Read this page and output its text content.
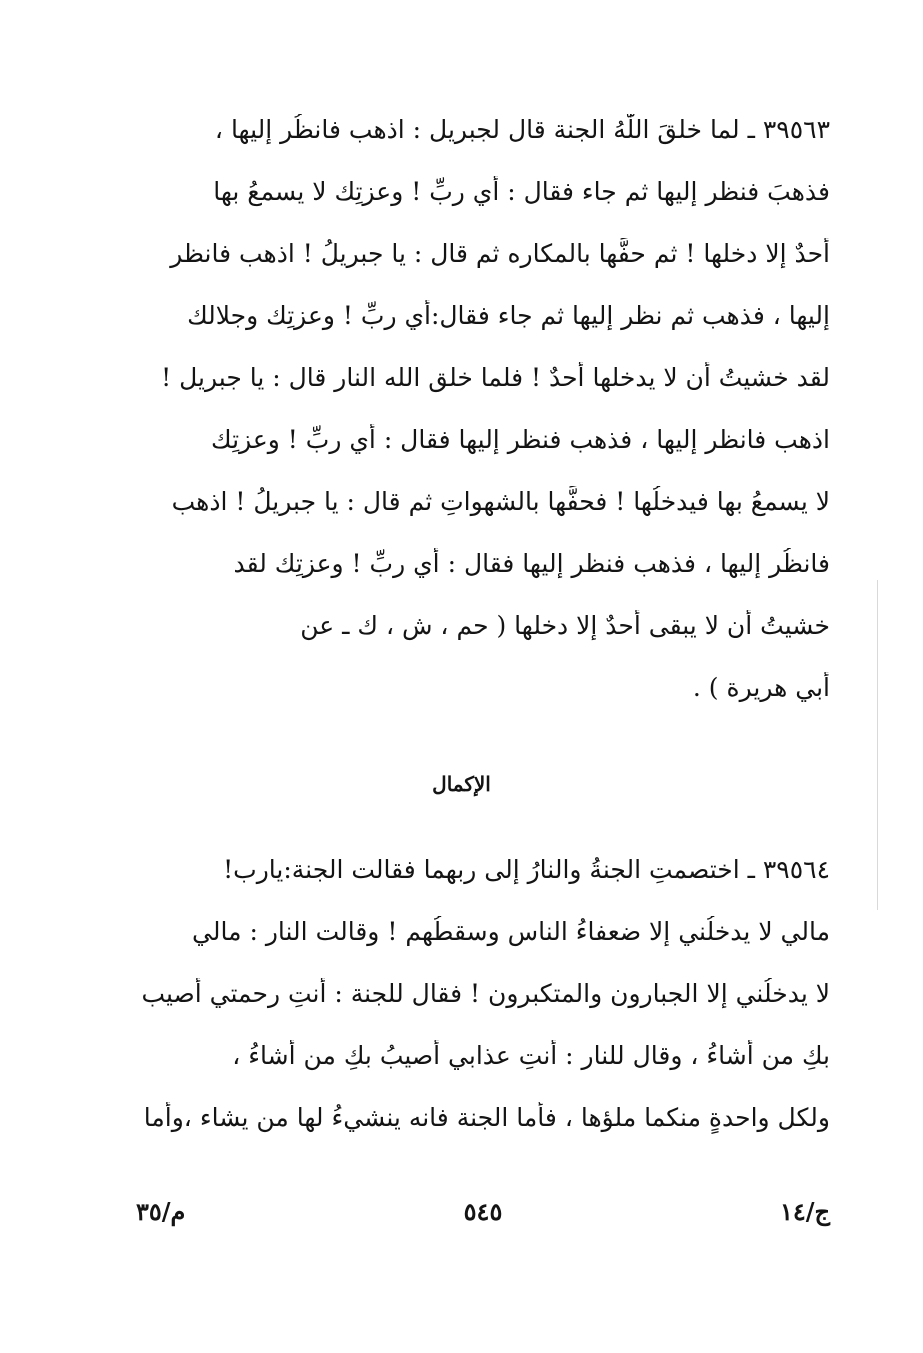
٣٩٥٦٣ ـ لما خلقَ اللّٰهُ الجنة قال لجبريل : اذهب فانظُر إليها ،
فذهبَ فنظر إليها ثم جاء فقال : أي ربِّ ! وعزتِك لا يسمعُ بها
أحدٌ إلا دخلها ! ثم حفَّها بالمكاره ثم قال : يا جبريلُ ! اذهب فانظر
إليها ، فذهب ثم نظر إليها ثم جاء فقال:أي ربِّ ! وعزتِك وجلالك
لقد خشيتُ أن لا يدخلها أحدٌ ! فلما خلق الله النار قال : يا جبريل !
اذهب فانظر إليها ، فذهب فنظر إليها فقال : أي ربِّ ! وعزتِك
لا يسمعُ بها فيدخلُها ! فحفَّها بالشهواتِ ثم قال : يا جبريلُ ! اذهب
فانظُر إليها ، فذهب فنظر إليها فقال : أي ربِّ ! وعزتِك لقد
خشيتُ أن لا يبقى أحدٌ إلا دخلها ( حم ، ش ، ك ـ عن
أبي هريرة ) .
الإكمال
٣٩٥٦٤ ـ اختصمتِ الجنةُ والنارُ إلى ربهما فقالت الجنة:يارب!
مالي لا يدخلُني إلا ضعفاءُ الناس وسقطُهم ! وقالت النار : مالي
لا يدخلُني إلا الجبارون والمتكبرون ! فقال للجنة : أنتِ رحمتي أصيب
بكِ من أشاءُ ، وقال للنار : أنتِ عذابي أصيبُ بكِ من أشاءُ ،
ولكل واحدةٍ منكما ملؤها ، فأما الجنة فانه ينشيءُ لها من يشاء ،وأما
ج/١٤
٥٤٥
م/٣٥
